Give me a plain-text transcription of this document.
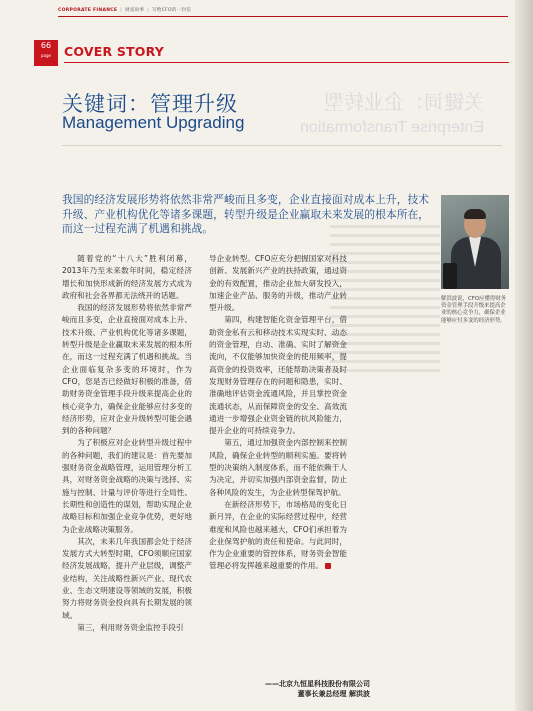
CORPORATE FINANCE | 财富故事 | 写给CFO的一封信
66
page	COVER STORY
关键词：企业转型
Enterprise Transformation
关键词：管理升级
Management Upgrading
我国的经济发展形势将依然非常严峻而且多变，企业直接面对成本上升，技术升级、产业机构优化等诸多课题，转型升级是企业赢取未来发展的根本所在，而这一过程充满了机遇和挑战。
解洪波说，CFO应懂得财务资金管理手段升级来提高企业的核心竞争力，确保企业能够应付多变的经济形势。

随着党的“十八大”胜利闭幕，2013年乃至未来数年时间，稳定经济增长和加快形成新的经济发展方式成为政府和社会各界都无法绕开的话题。

我国的经济发展形势将依然非常严峻而且多变，企业直接面对成本上升、技术升级、产业机构优化等诸多课题，转型升级是企业赢取未来发展的根本所在，而这一过程充满了机遇和挑战。当企业面临复杂多变的环境时，作为CFO，您是否已经做好积极的准备，借助财务资金管理手段升级来提高企业的核心竞争力，确保企业能够应付多变的经济形势，应对企业升级转型可能会遇到的各种问题？

为了积极应对企业转型升级过程中的各种问题，我们的建议是：首先要加强财务资金战略管理，运用管理分析工具，对财务资金战略的决策与选择、实施与控制、计量与评价等进行全局性、长期性和创造性的谋划，帮助实现企业战略目标和加强企业竞争优势，更好地为企业战略决策服务。

其次，未来几年我国都会处于经济发展方式大转型时期，CFO须顺应国家经济发展战略，提升产业层级，调整产业结构，关注战略性新兴产业、现代农业、生态文明建设等领域的发展，积极努力将财务资金投向具有长期发展的领域。

第三，利用财务资金监控手段引

导企业转型。CFO应充分把握国家对科技创新、发展新兴产业的扶持政策，通过资金的有效配置，推动企业加大研发投入，加速企业产品、服务的升级，推动产业转型升级。

第四，构建智能化资金管理平台，借助资金私有云和移动技术实现实时、动态的资金管理，自动、准确、实时了解资金流向，不仅能够加快资金的使用频率，提高资金的投资效率，还能帮助决策者及时发现财务管理存在的问题和隐患，实时、准确地评估资金流通风险，并且掌控资金流通状态，从而保障资金的安全、高效流通进一步增强企业资金链的抗风险能力，提升企业的可持续竞争力。

第五，通过加强资金内部控制来控制风险，确保企业转型的顺利实施。要将转型的决策纳入制度体系，而不能依赖于人为决定，并切实加强内部资金监督，防止各种风险的发生，为企业转型保驾护航。

在新经济形势下，市场格局的变化日新月异，在企业的实际经营过程中，经营难度和风险也越来越大，CFO们承担着为企业保驾护航的责任和使命。与此同时，作为企业重要的管控体系，财务资金智能管理必将发挥越来越重要的作用。

——北京九恒星科技股份有限公司
董事长兼总经理 解洪波
